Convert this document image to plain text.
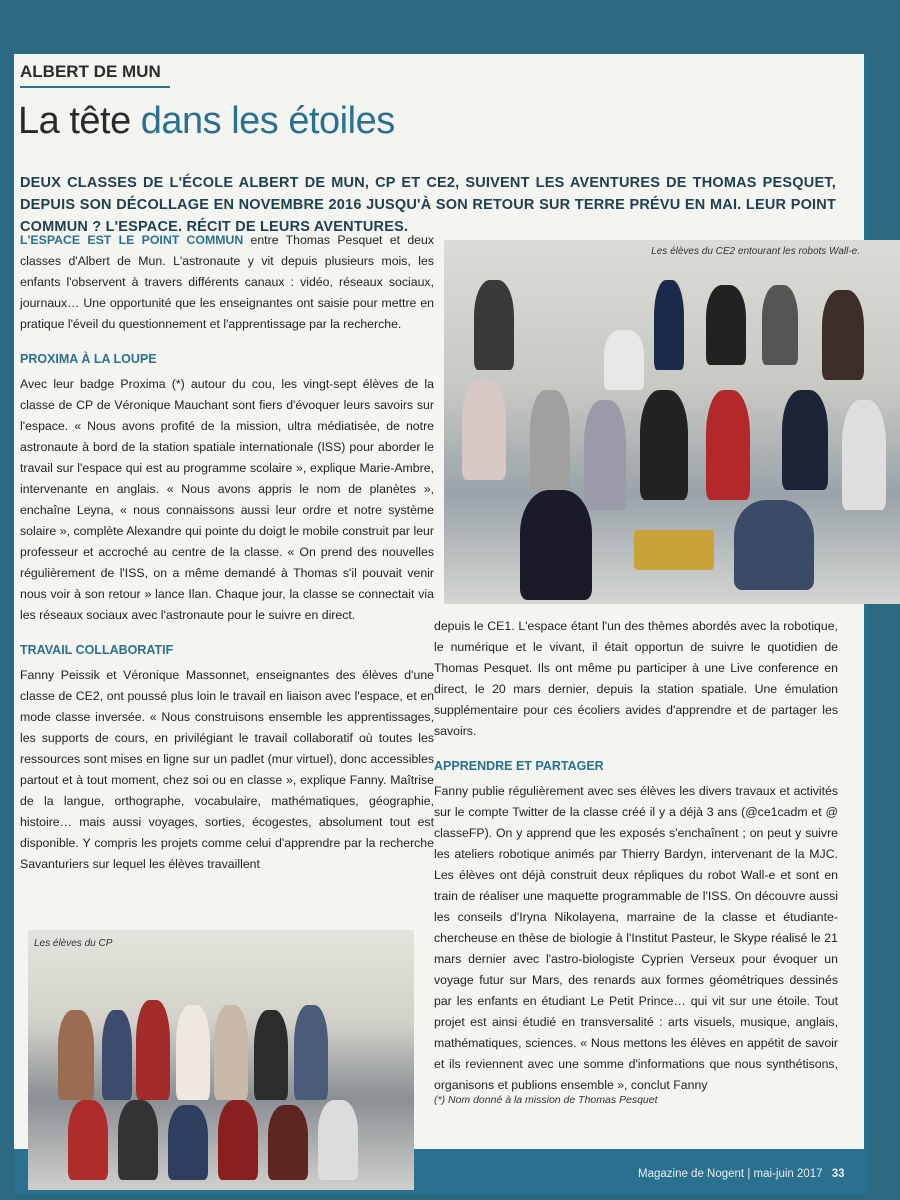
ALBERT DE MUN
La tête dans les étoiles
DEUX CLASSES DE L'ÉCOLE ALBERT DE MUN, CP ET CE2, SUIVENT LES AVENTURES DE THOMAS PESQUET, DEPUIS SON DÉCOLLAGE EN NOVEMBRE 2016 JUSQU'À SON RETOUR SUR TERRE PRÉVU EN MAI. LEUR POINT COMMUN ? L'ESPACE. RÉCIT DE LEURS AVENTURES.

L'ESPACE EST LE POINT COMMUN entre Thomas Pesquet et deux classes d'Albert de Mun. L'astronaute y vit depuis plusieurs mois, les enfants l'observent à travers différents canaux : vidéo, réseaux sociaux, journaux… Une opportunité que les enseignantes ont saisie pour mettre en pratique l'éveil du questionnement et l'apprentissage par la recherche.

PROXIMA À LA LOUPE

Avec leur badge Proxima (*) autour du cou, les vingt-sept élèves de la classe de CP de Véronique Mauchant sont fiers d'évoquer leurs savoirs sur l'espace. « Nous avons profité de la mission, ultra médiatisée, de notre astronaute à bord de la station spatiale internationale (ISS) pour aborder le travail sur l'espace qui est au programme scolaire », explique Marie-Ambre, intervenante en anglais. « Nous avons appris le nom de planètes », enchaîne Leyna, « nous connaissons aussi leur ordre et notre système solaire », complète Alexandre qui pointe du doigt le mobile construit par leur professeur et accroché au centre de la classe. « On prend des nouvelles régulièrement de l'ISS, on a même demandé à Thomas s'il pouvait venir nous voir à son retour » lance Ilan. Chaque jour, la classe se connectait via les réseaux sociaux avec l'astronaute pour le suivre en direct.

TRAVAIL COLLABORATIF

Fanny Peissik et Véronique Massonnet, enseignantes des élèves d'une classe de CE2, ont poussé plus loin le travail en liaison avec l'espace, et en mode classe inversée. « Nous construisons ensemble les apprentissages, les supports de cours, en privilégiant le travail collaboratif où toutes les ressources sont mises en ligne sur un padlet (mur virtuel), donc accessibles partout et à tout moment, chez soi ou en classe », explique Fanny. Maîtrise de la langue, orthographe, vocabulaire, mathématiques, géographie, histoire… mais aussi voyages, sorties, écogestes, absolument tout est disponible. Y compris les projets comme celui d'apprendre par la recherche Savanturiers sur lequel les élèves travaillent

Les élèves du CE2 entourant les robots Wall-e.

depuis le CE1. L'espace étant l'un des thèmes abordés avec la robotique, le numérique et le vivant, il était opportun de suivre le quotidien de Thomas Pesquet. Ils ont même pu participer à une Live conference en direct, le 20 mars dernier, depuis la station spatiale. Une émulation supplémentaire pour ces écoliers avides d'apprendre et de partager les savoirs.

APPRENDRE ET PARTAGER

Fanny publie régulièrement avec ses élèves les divers travaux et activités sur le compte Twitter de la classe créé il y a déjà 3 ans (@ce1cadm et @ classeFP). On y apprend que les exposés s'enchaînent ; on peut y suivre les ateliers robotique animés par Thierry Bardyn, intervenant de la MJC. Les élèves ont déjà construit deux répliques du robot Wall-e et sont en train de réaliser une maquette programmable de l'ISS. On découvre aussi les conseils d'Iryna Nikolayena, marraine de la classe et étudiante-chercheuse en thèse de biologie à l'Institut Pasteur, le Skype réalisé le 21 mars dernier avec l'astro-biologiste Cyprien Verseux pour évoquer un voyage futur sur Mars, des renards aux formes géométriques dessinés par les enfants en étudiant Le Petit Prince… qui vit sur une étoile. Tout projet est ainsi étudié en transversalité : arts visuels, musique, anglais, mathématiques, sciences. « Nous mettons les élèves en appétit de savoir et ils reviennent avec une somme d'informations que nous synthétisons, organisons et publions ensemble », conclut Fanny

(*) Nom donné à la mission de Thomas Pesquet
Les élèves du CP
Magazine de Nogent | mai-juin 2017 33
